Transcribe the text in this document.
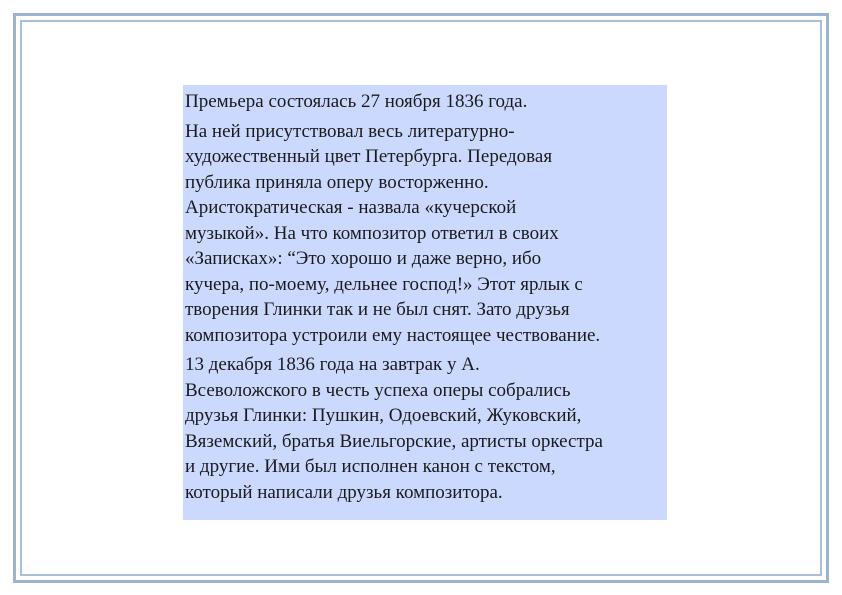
Премьера состоялась 27 ноября 1836 года.

На ней присутствовал весь литературно-
художественный цвет Петербурга. Передовая
публика приняла оперу восторженно.
Аристократическая - назвала «кучерской
музыкой». На что композитор ответил в своих
«Записках»: “Это хорошо и даже верно, ибо
кучера, по-моему, дельнее господ!» Этот ярлык с
творения Глинки так и не был снят. Зато друзья
композитора устроили ему настоящее чествование.

13 декабря 1836 года на завтрак у А.
Всеволожского в честь успеха оперы собрались
друзья Глинки: Пушкин, Одоевский, Жуковский,
Вяземский, братья Виельгорские, артисты оркестра
и другие. Ими был исполнен канон с текстом,
который написали друзья композитора.
